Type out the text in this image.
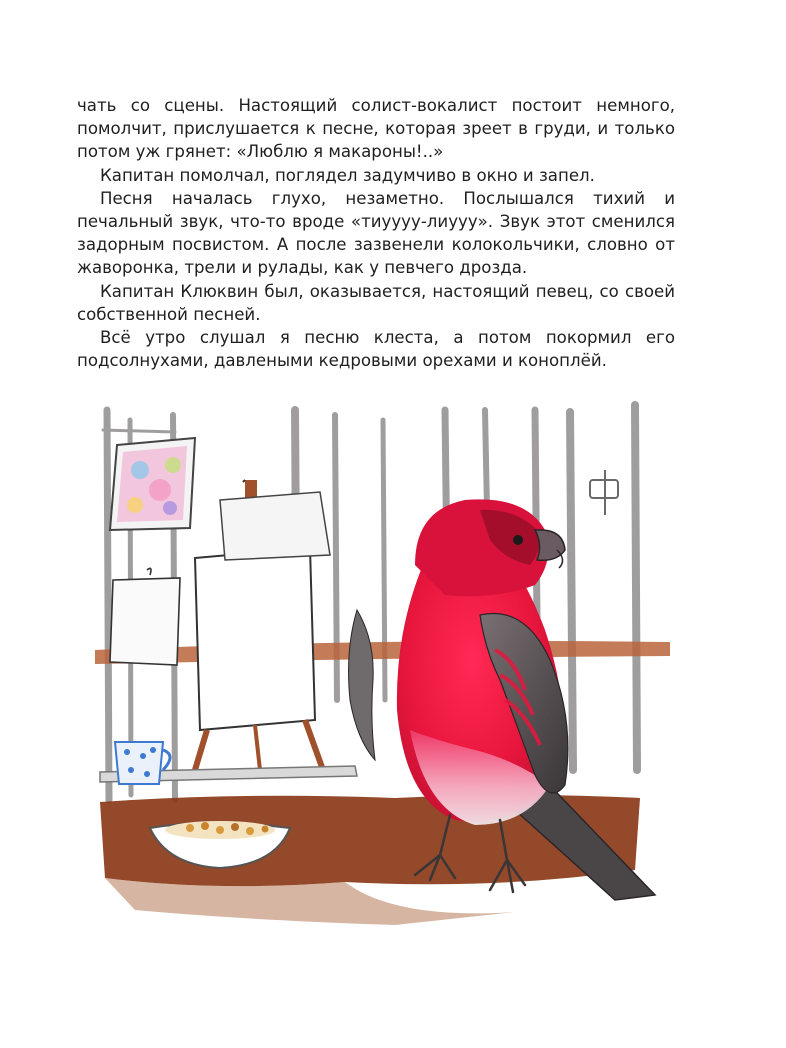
чать со сцены. Настоящий солист-вокалист постоит немного, помолчит, прислушается к песне, которая зреет в груди, и только потом уж грянет: «Люблю я макароны!..»

Капитан помолчал, поглядел задумчиво в окно и запел.

Песня началась глухо, незаметно. Послышался тихий и печальный звук, что-то вроде «тиуууу-лиууу». Звук этот сменился задорным посвистом. А после зазвенели колокольчики, словно от жаворонка, трели и рулады, как у певчего дрозда.

Капитан Клюквин был, оказывается, настоящий певец, со своей собственной песней.

Всё утро слушал я песню клеста, а потом покормил его подсолнухами, давлеными кедровыми орехами и коноплёй.
